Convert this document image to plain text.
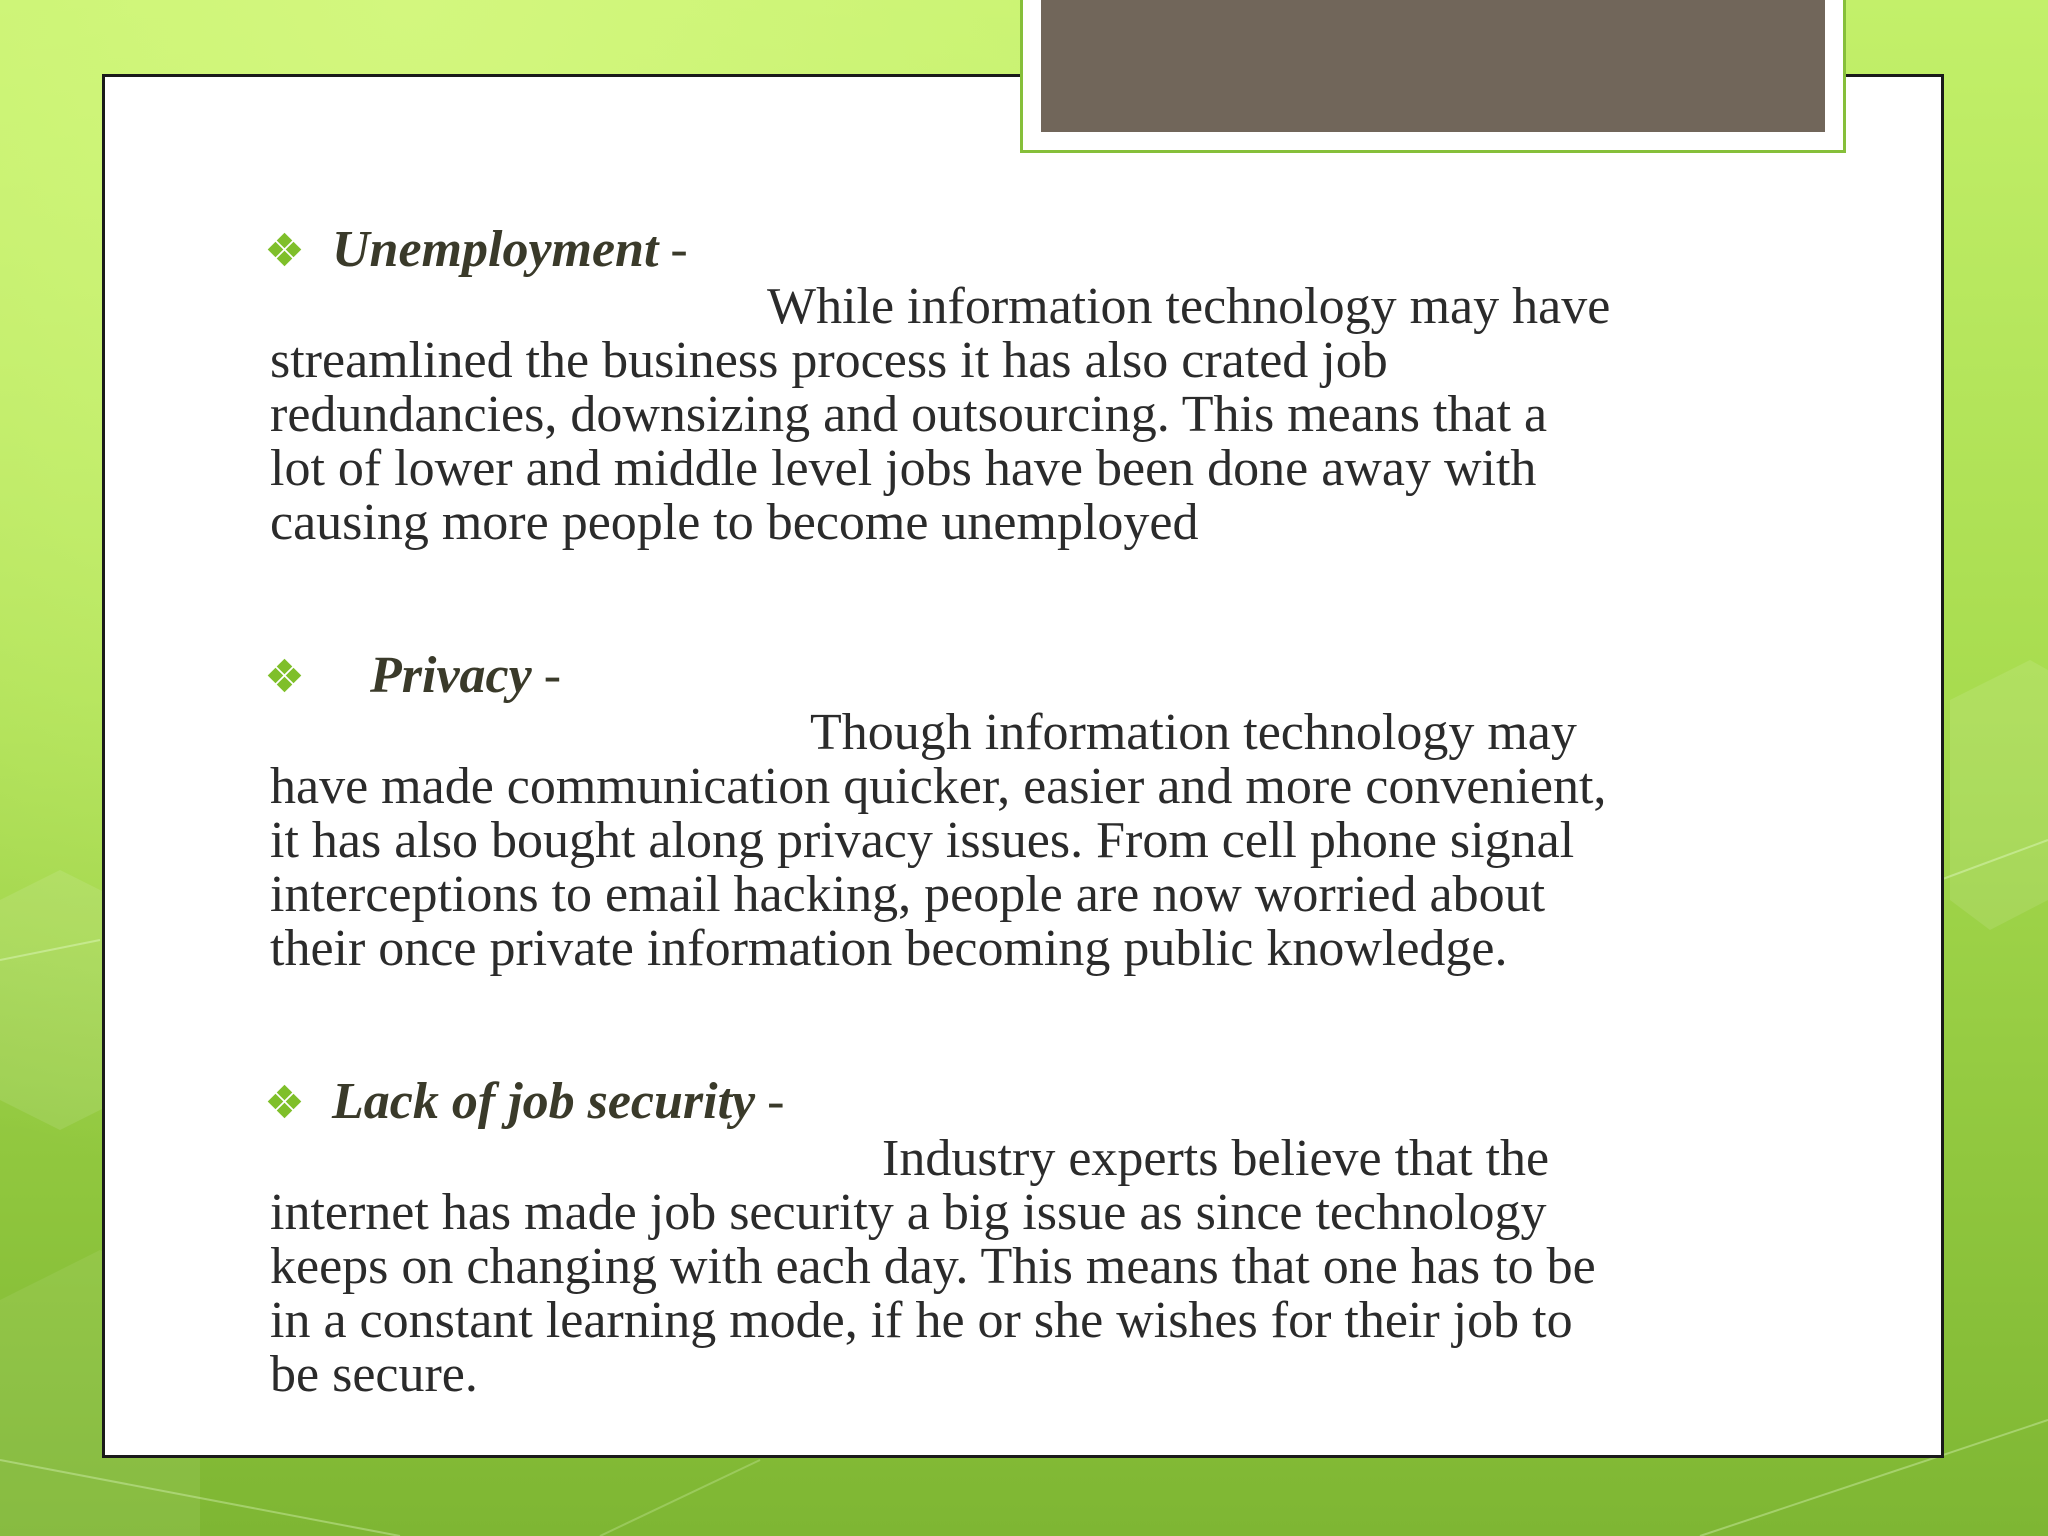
Unemployment -
While information technology may have
streamlined the business process it has also crated job
redundancies, downsizing and outsourcing. This means that a
lot of lower and middle level jobs have been done away with
causing more people to become unemployed
Privacy -
Though information technology may
have made communication quicker, easier and more convenient,
it has also bought along privacy issues. From cell phone signal
interceptions to email hacking, people are now worried about
their once private information becoming public knowledge.
Lack of job security -
Industry experts believe that the
internet has made job security a big issue as since technology
keeps on changing with each day. This means that one has to be
in a constant learning mode, if he or she wishes for their job to
be secure.
